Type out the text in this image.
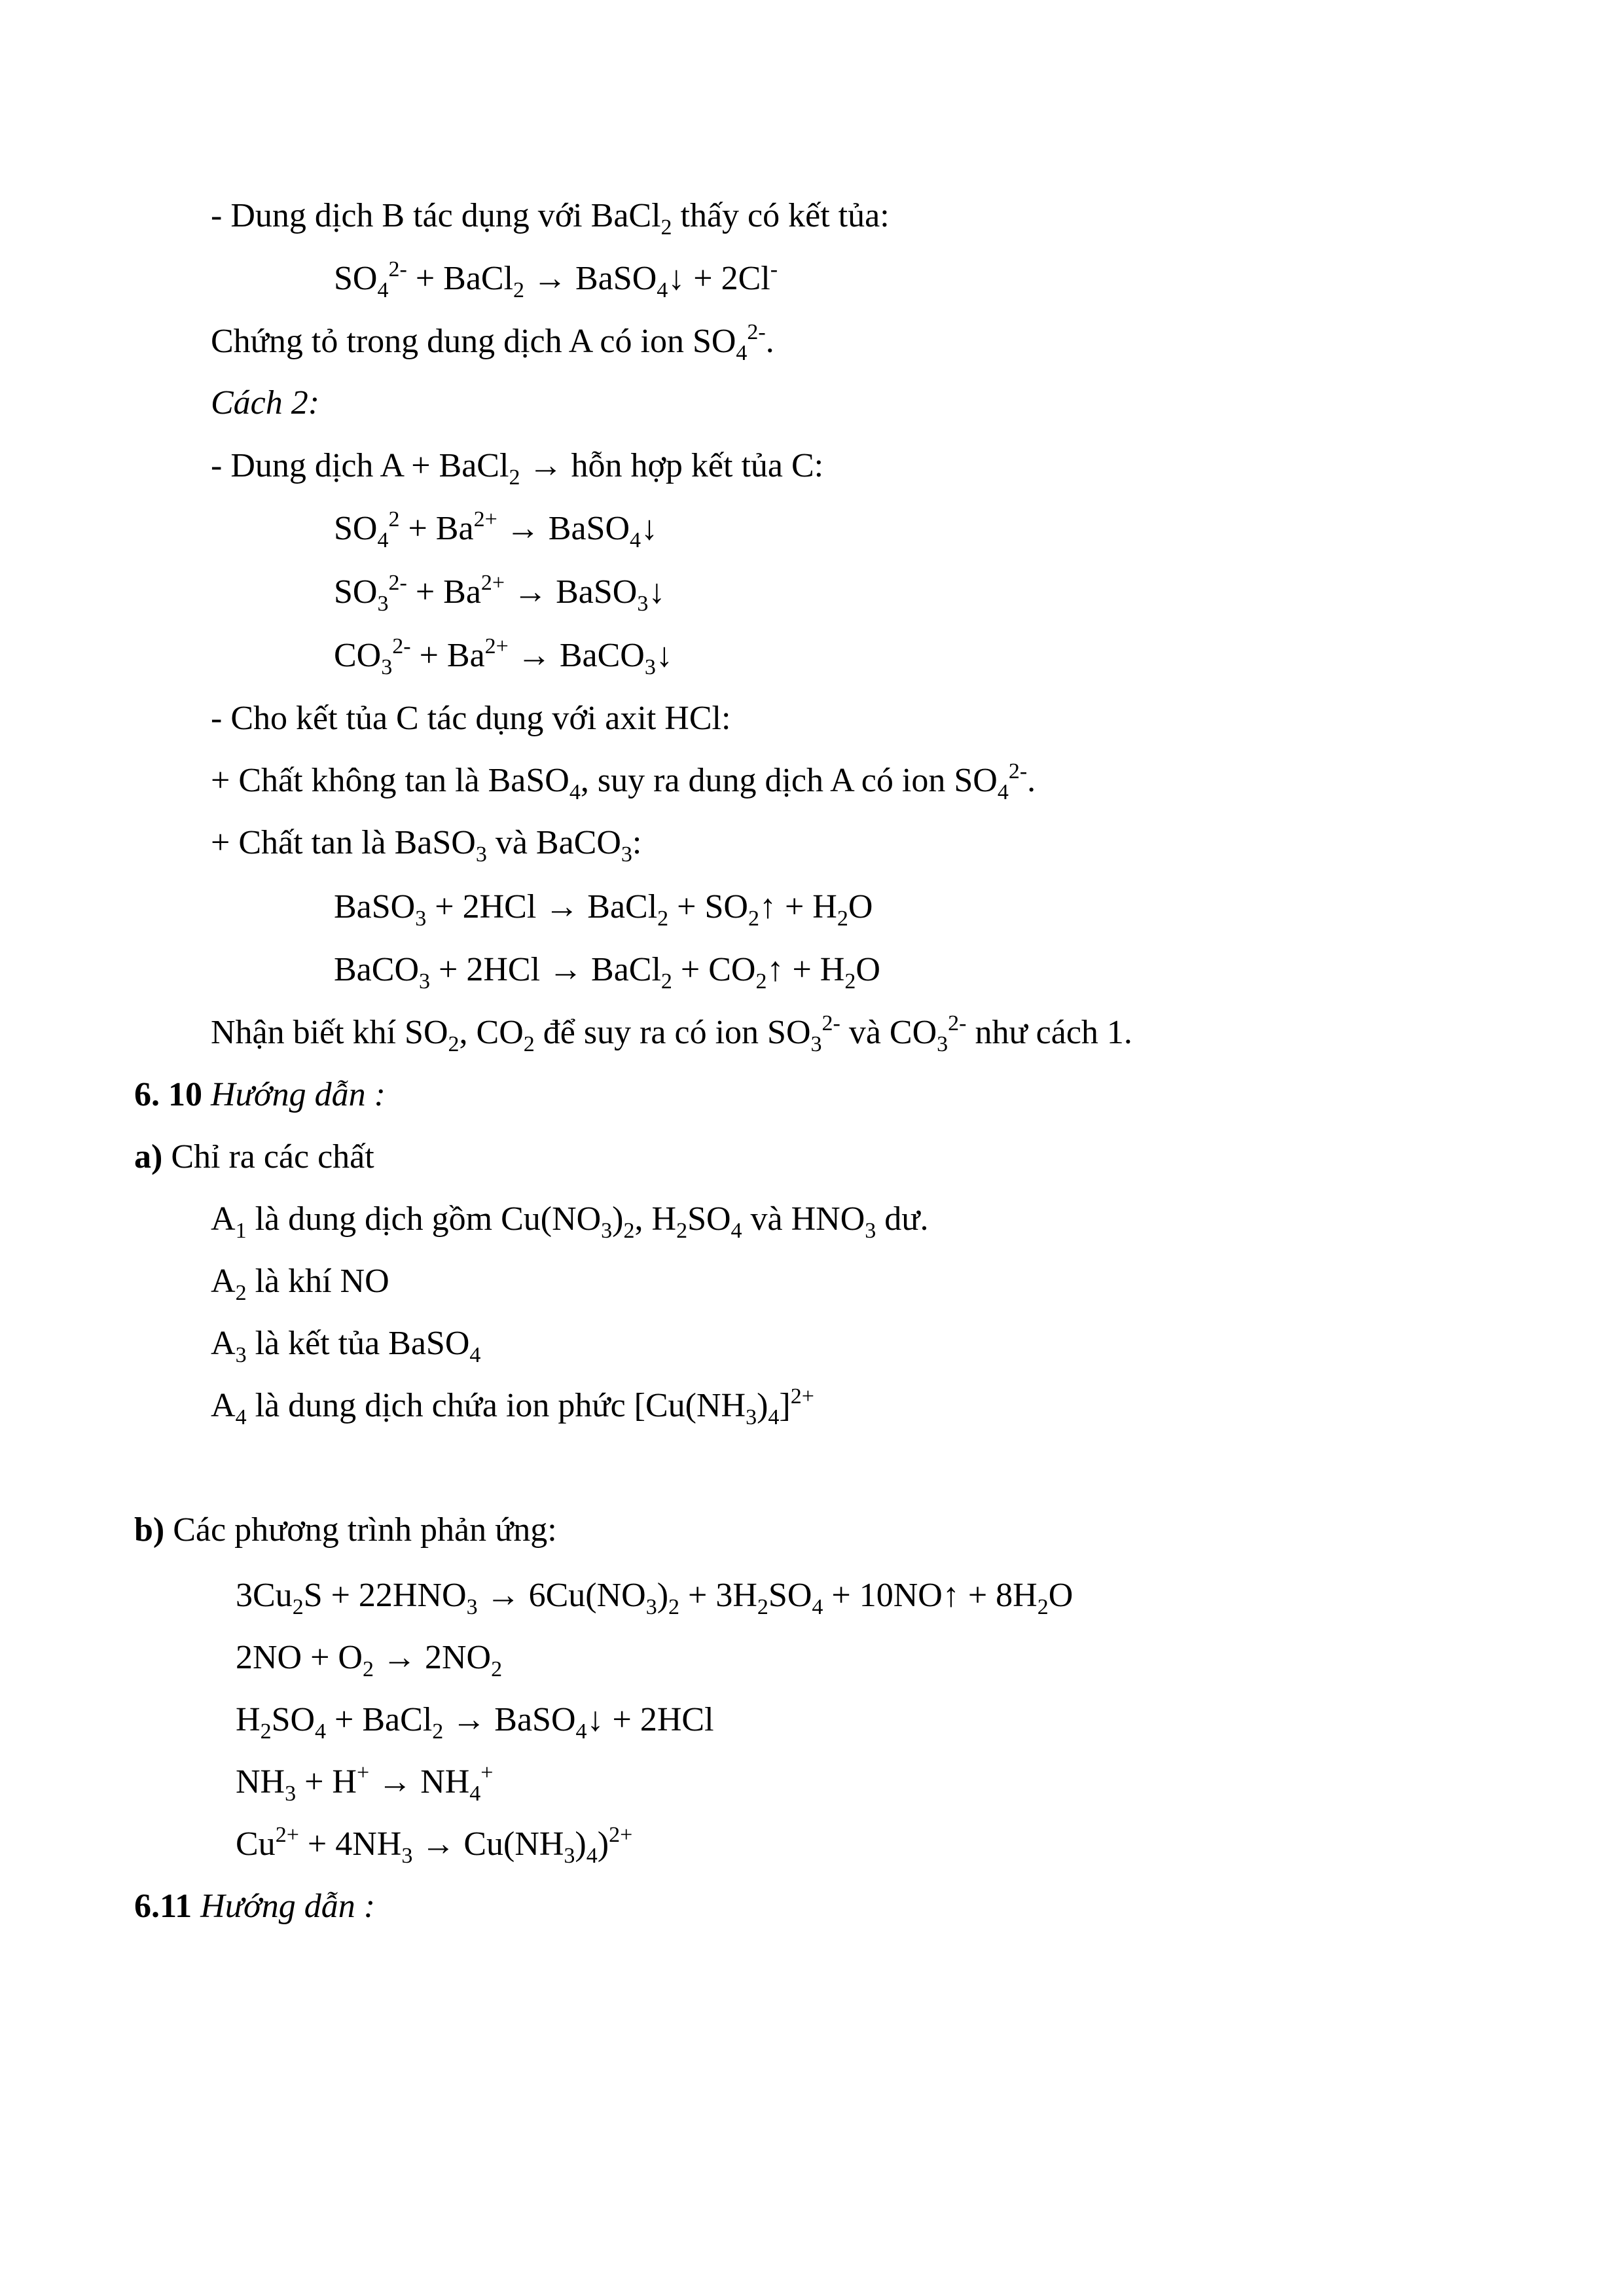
- Dung dịch B tác dụng với BaCl$_2$ thấy có kết tủa:
$SO_4^{2-}$ + BaCl$_2$ → BaSO$_4$↓ + 2Cl-
Chứng tỏ trong dung dịch A có ion $SO_4^{2-}$.
Cách 2:
- Dung dịch A + BaCl$_2$ → hỗn hợp kết tủa C:
$SO_4^2 + Ba^{2+}$ → BaSO$_4$↓
$SO_3^{2-} + Ba^{2+}$ → BaSO$_3$↓
$CO_3^{2-} + Ba^{2+}$ → BaCO$_3$↓
- Cho kết tủa C tác dụng với axit HCl:
+ Chất không tan là BaSO$_4$, suy ra dung dịch A có ion $SO_4^{2-}$.
+ Chất tan là BaSO$_3$ và BaCO$_3$:
BaSO$_3$ + 2HCl → BaCl$_2$ + $SO_2↑ + H_2O$
BaCO$_3$ + 2HCl → BaCl$_2$ + $CO_2↑ + H_2O$
Nhận biết khí $SO_2$, $CO_2$ để suy ra có ion $SO_3^{2-}$ và $CO_3^{2-}$ như cách 1.
6. 10 Hướng dẫn :
a) Chỉ ra các chất
$A_1$ là dung dịch gồm $Cu(NO_3)_2$, $H_2SO_4$ và $HNO_3$ dư.
$A_2$ là khí NO
$A_3$ là kết tủa BaSO$_4$
$A_4$ là dung dịch chứa ion phức $[Cu(NH_3)_4]^{2+}$
b) Các phương trình phản ứng:
$3Cu_2S + 22HNO_3 \to 6Cu(NO_3)_2 + 3H_2SO_4$ + 10NO↑ + $8H_2O$
$2NO + O_2 \to 2NO_2$
$H_2SO_4$ + BaCl$_2$ → BaSO$_4$↓ + 2HCl
$NH_3 + H^+ \to NH_4^+$
$Cu^{2+} + 4NH_3 \to Cu(NH_3)_4)^{2+}$
6.11 Hướng dẫn :
